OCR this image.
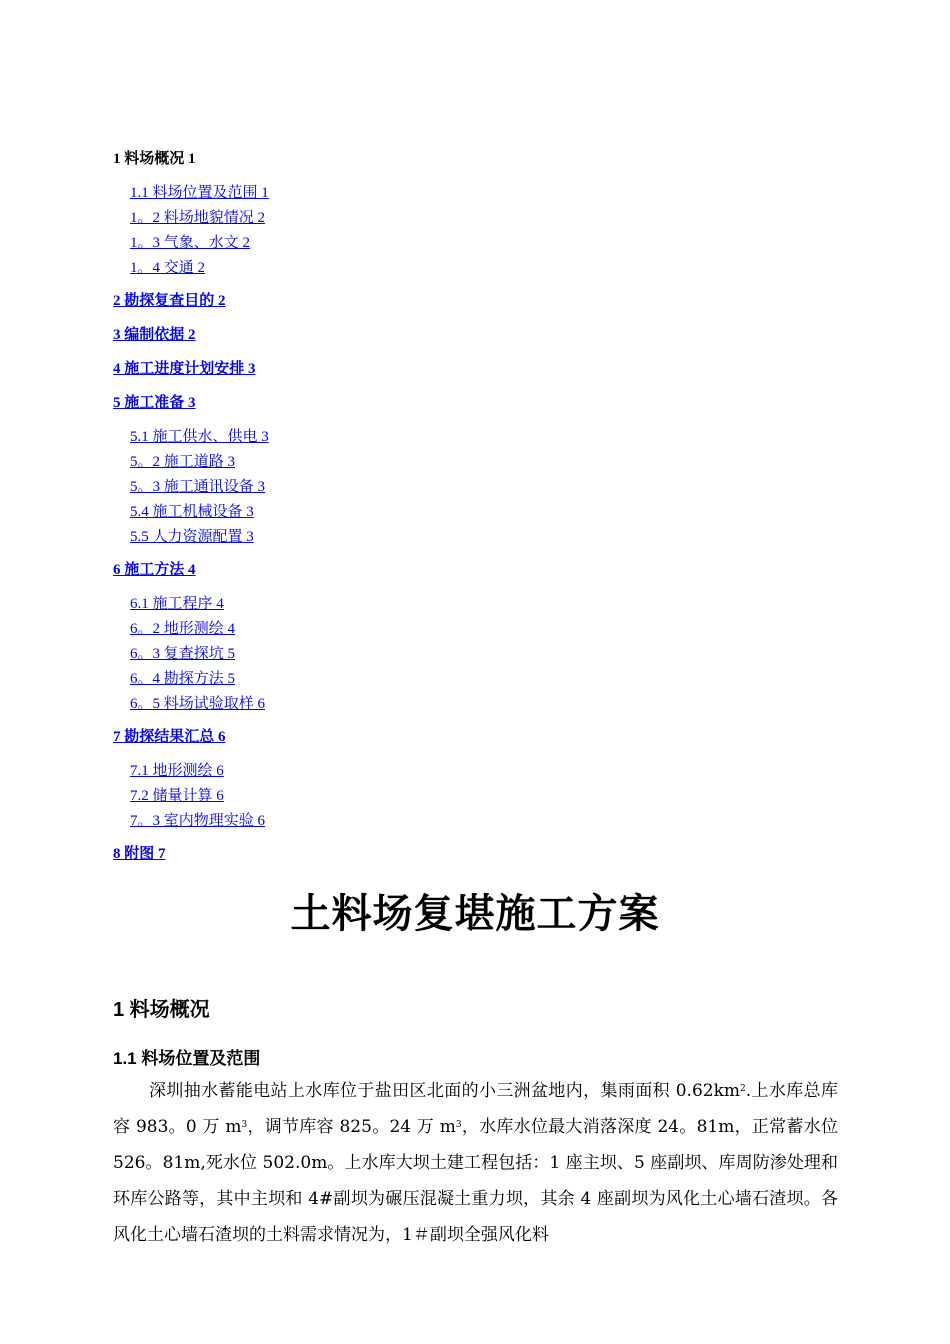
1 料场概况 1
1.1 料场位置及范围 1
1。2 料场地貌情况 2
1。3 气象、水文 2
1。4 交通 2
2 勘探复查目的 2
3 编制依据 2
4 施工进度计划安排 3
5 施工准备 3
5.1 施工供水、供电 3
5。2 施工道路 3
5。3 施工通讯设备 3
5.4 施工机械设备 3
5.5 人力资源配置 3
6 施工方法 4
6.1 施工程序 4
6。2 地形测绘 4
6。3 复查探坑 5
6。4 勘探方法 5
6。5 料场试验取样 6
7 勘探结果汇总 6
7.1 地形测绘 6
7.2 储量计算 6
7。3 室内物理实验 6
8 附图 7
土料场复堪施工方案
1 料场概况
1.1 料场位置及范围

深圳抽水蓄能电站上水库位于盐田区北面的小三洲盆地内，集雨面积 $0.62km^2$.上水库总库容 983。0 万 $m^3$，调节库容 825。24 万 $m^3$，水库水位最大消落深度 24。81m，正常蓄水位 526。81m,死水位 502.0m。上水库大坝土建工程包括：1 座主坝、5 座副坝、库周防渗处理和环库公路等，其中主坝和 4#副坝为碾压混凝土重力坝，其余 4 座副坝为风化土心墙石渣坝。各风化土心墙石渣坝的土料需求情况为，1＃副坝全强风化料
